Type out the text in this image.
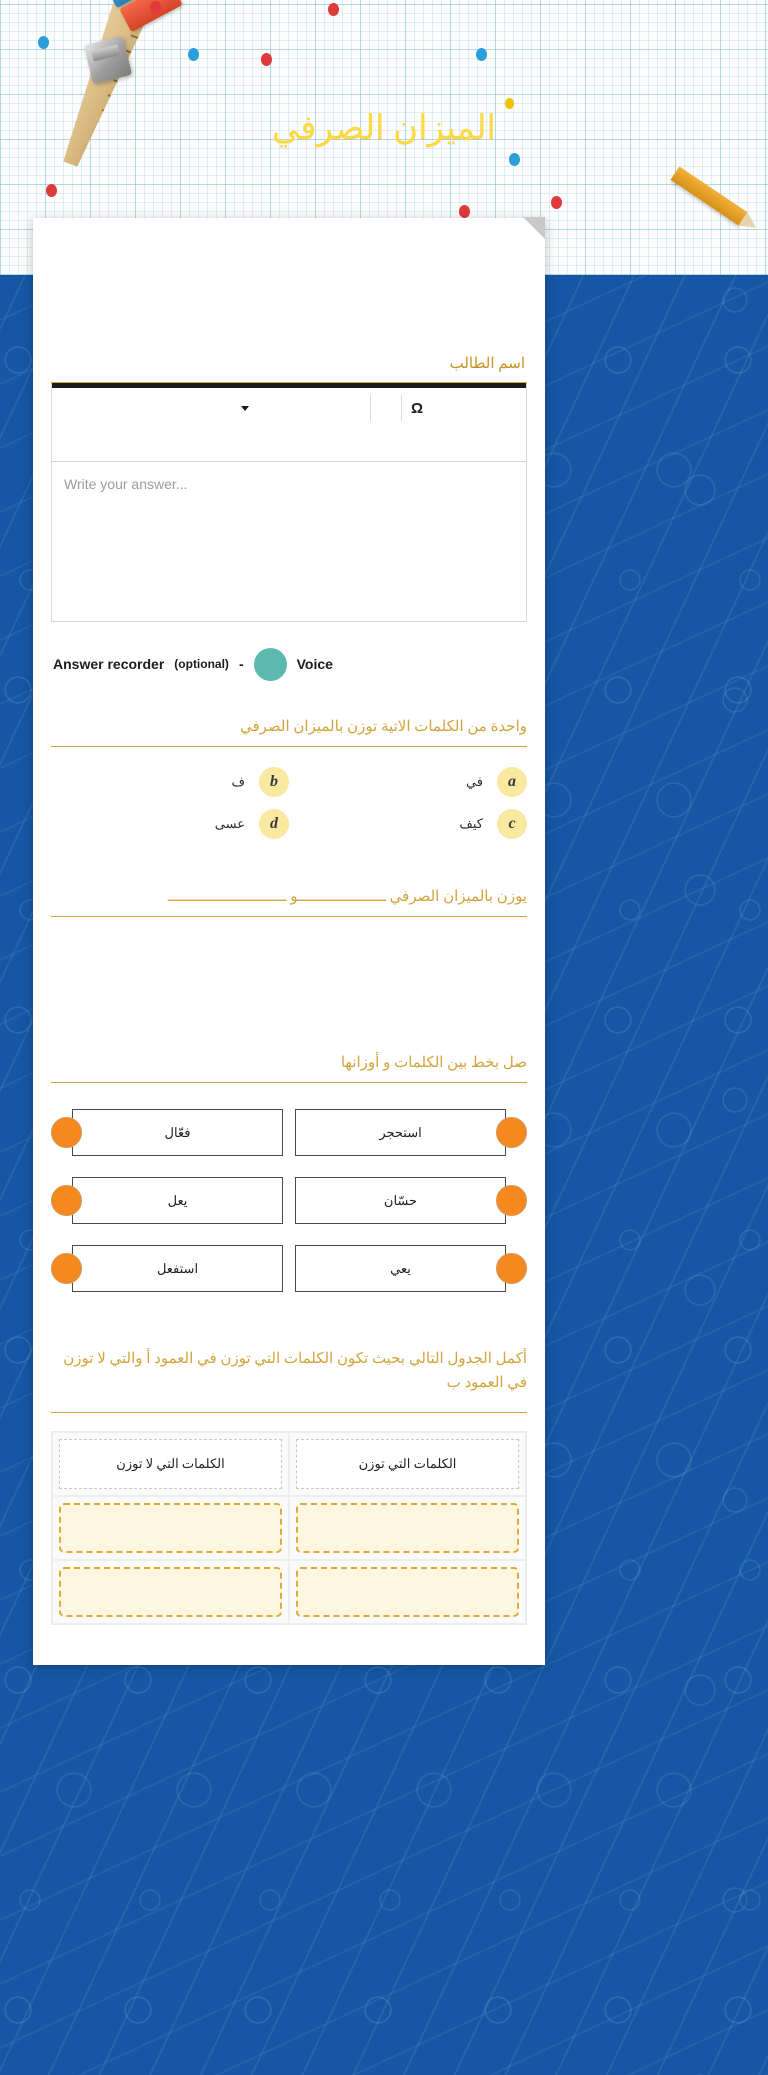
الميزان الصرفي
اسم الطالب
Ω
Write your answer...
Answer recorder (optional) -	Voice
واحدة من الكلمات الاتية توزن بالميزان الصرفي
b
ف	a
في
d
عسى	c
كيف
يوزن بالميزان الصرفي ــــــــــــــــــــو ـــــــــــــــــــــــــــ
صل بخط بين الكلمات و أوزانها
فعّال
يعل
استفعل
استحجر
حسّان
يعي
أكمل الجدول التالي بحيث تكون الكلمات التي توزن في العمود أ والتي لا توزن في العمود ب
الكلمات التي لا توزن	الكلمات التي توزن
